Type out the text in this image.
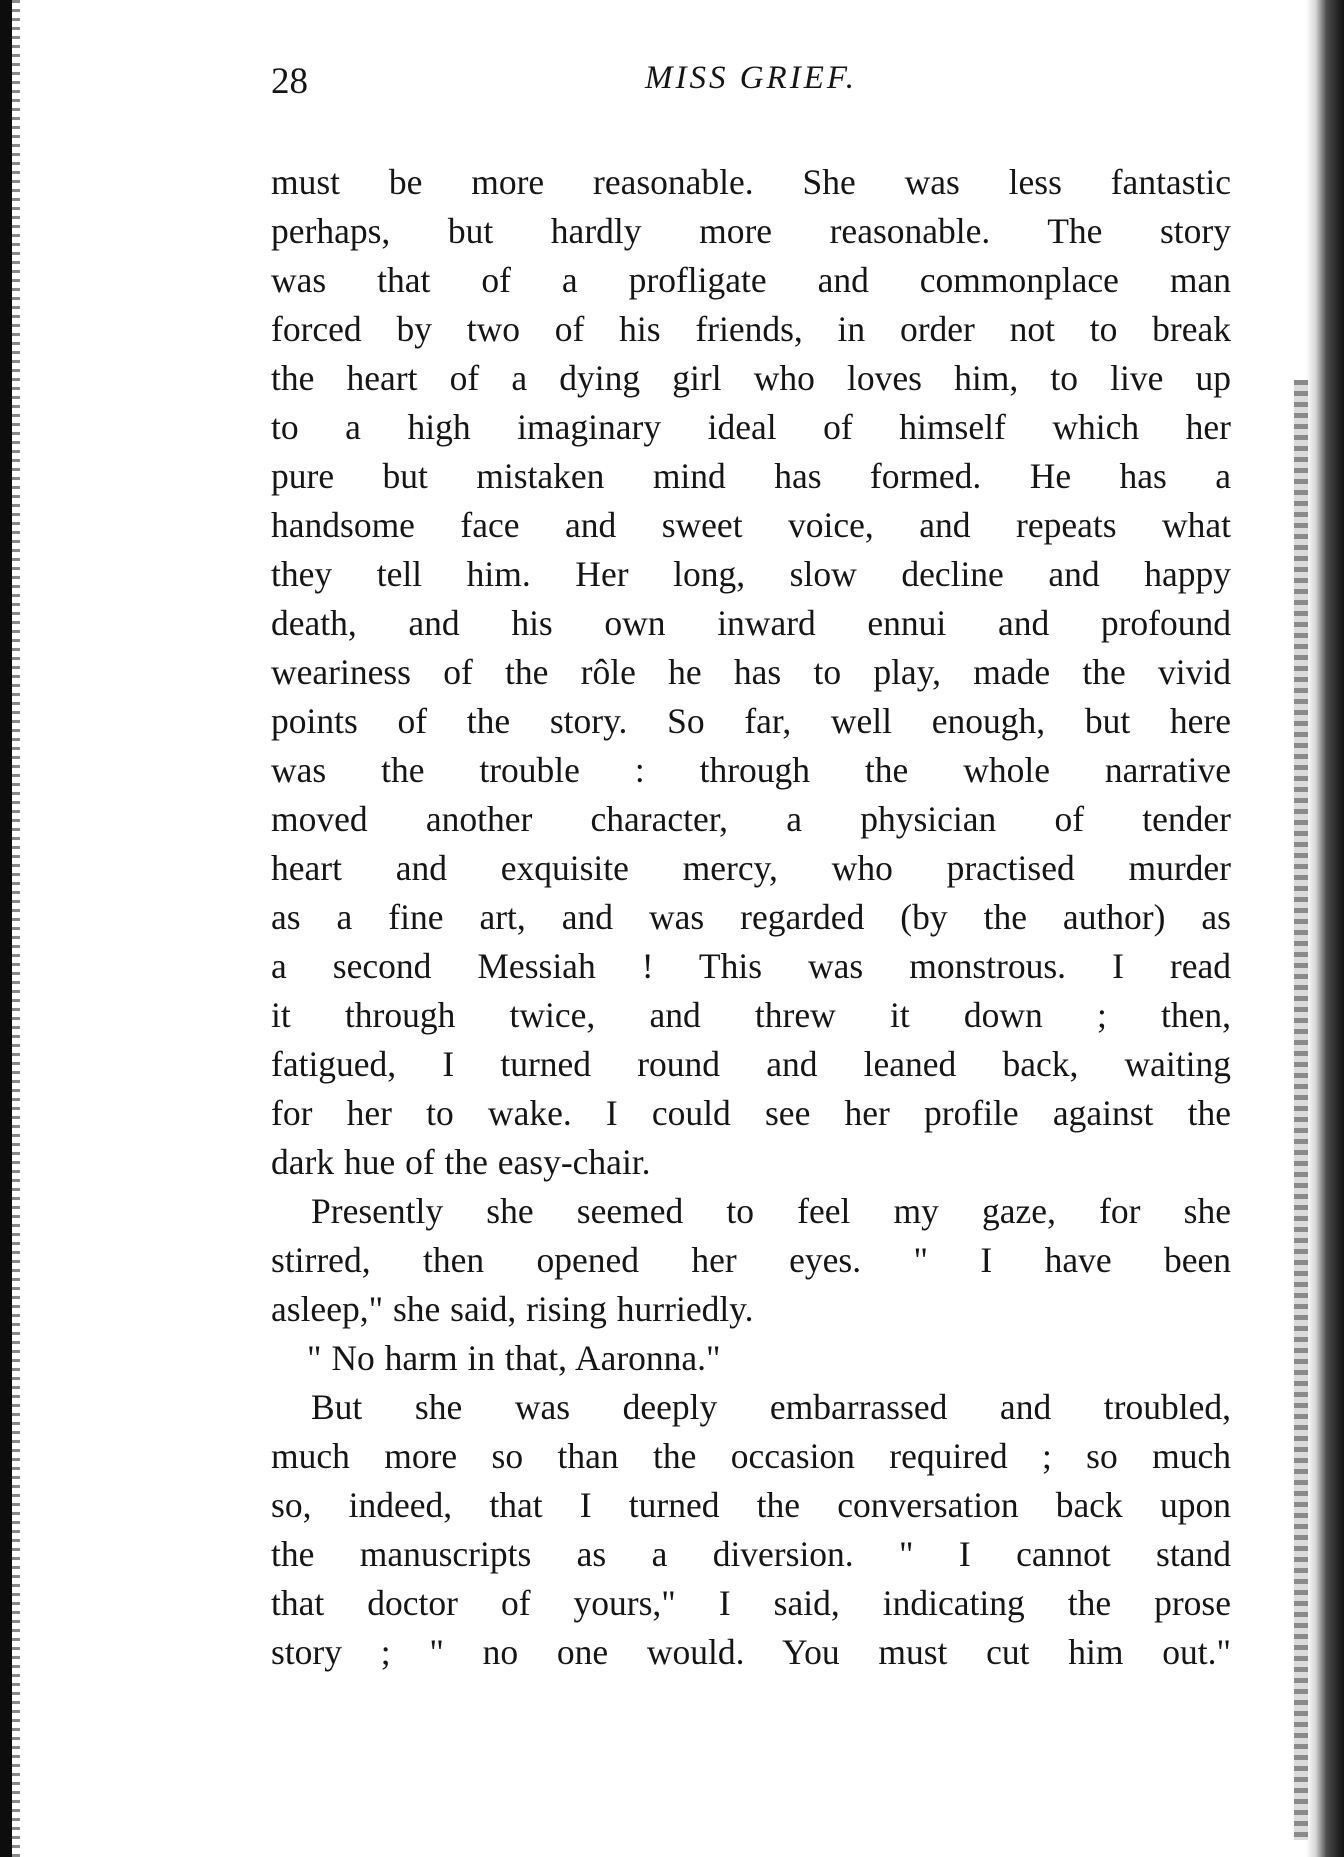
28	MISS GRIEF.
must be more reasonable. She was less fantastic
perhaps, but hardly more reasonable. The story
was that of a profligate and commonplace man
forced by two of his friends, in order not to break
the heart of a dying girl who loves him, to live up
to a high imaginary ideal of himself which her
pure but mistaken mind has formed. He has a
handsome face and sweet voice, and repeats what
they tell him. Her long, slow decline and happy
death, and his own inward ennui and profound
weariness of the rôle he has to play, made the vivid
points of the story. So far, well enough, but here
was the trouble : through the whole narrative
moved another character, a physician of tender
heart and exquisite mercy, who practised murder
as a fine art, and was regarded (by the author) as
a second Messiah ! This was monstrous. I read
it through twice, and threw it down ; then,
fatigued, I turned round and leaned back, waiting
for her to wake. I could see her profile against the
dark hue of the easy-chair.
Presently she seemed to feel my gaze, for she
stirred, then opened her eyes. " I have been
asleep," she said, rising hurriedly.
" No harm in that, Aaronna."
But she was deeply embarrassed and troubled,
much more so than the occasion required ; so much
so, indeed, that I turned the conversation back upon
the manuscripts as a diversion. " I cannot stand
that doctor of yours," I said, indicating the prose
story ; " no one would. You must cut him out."
